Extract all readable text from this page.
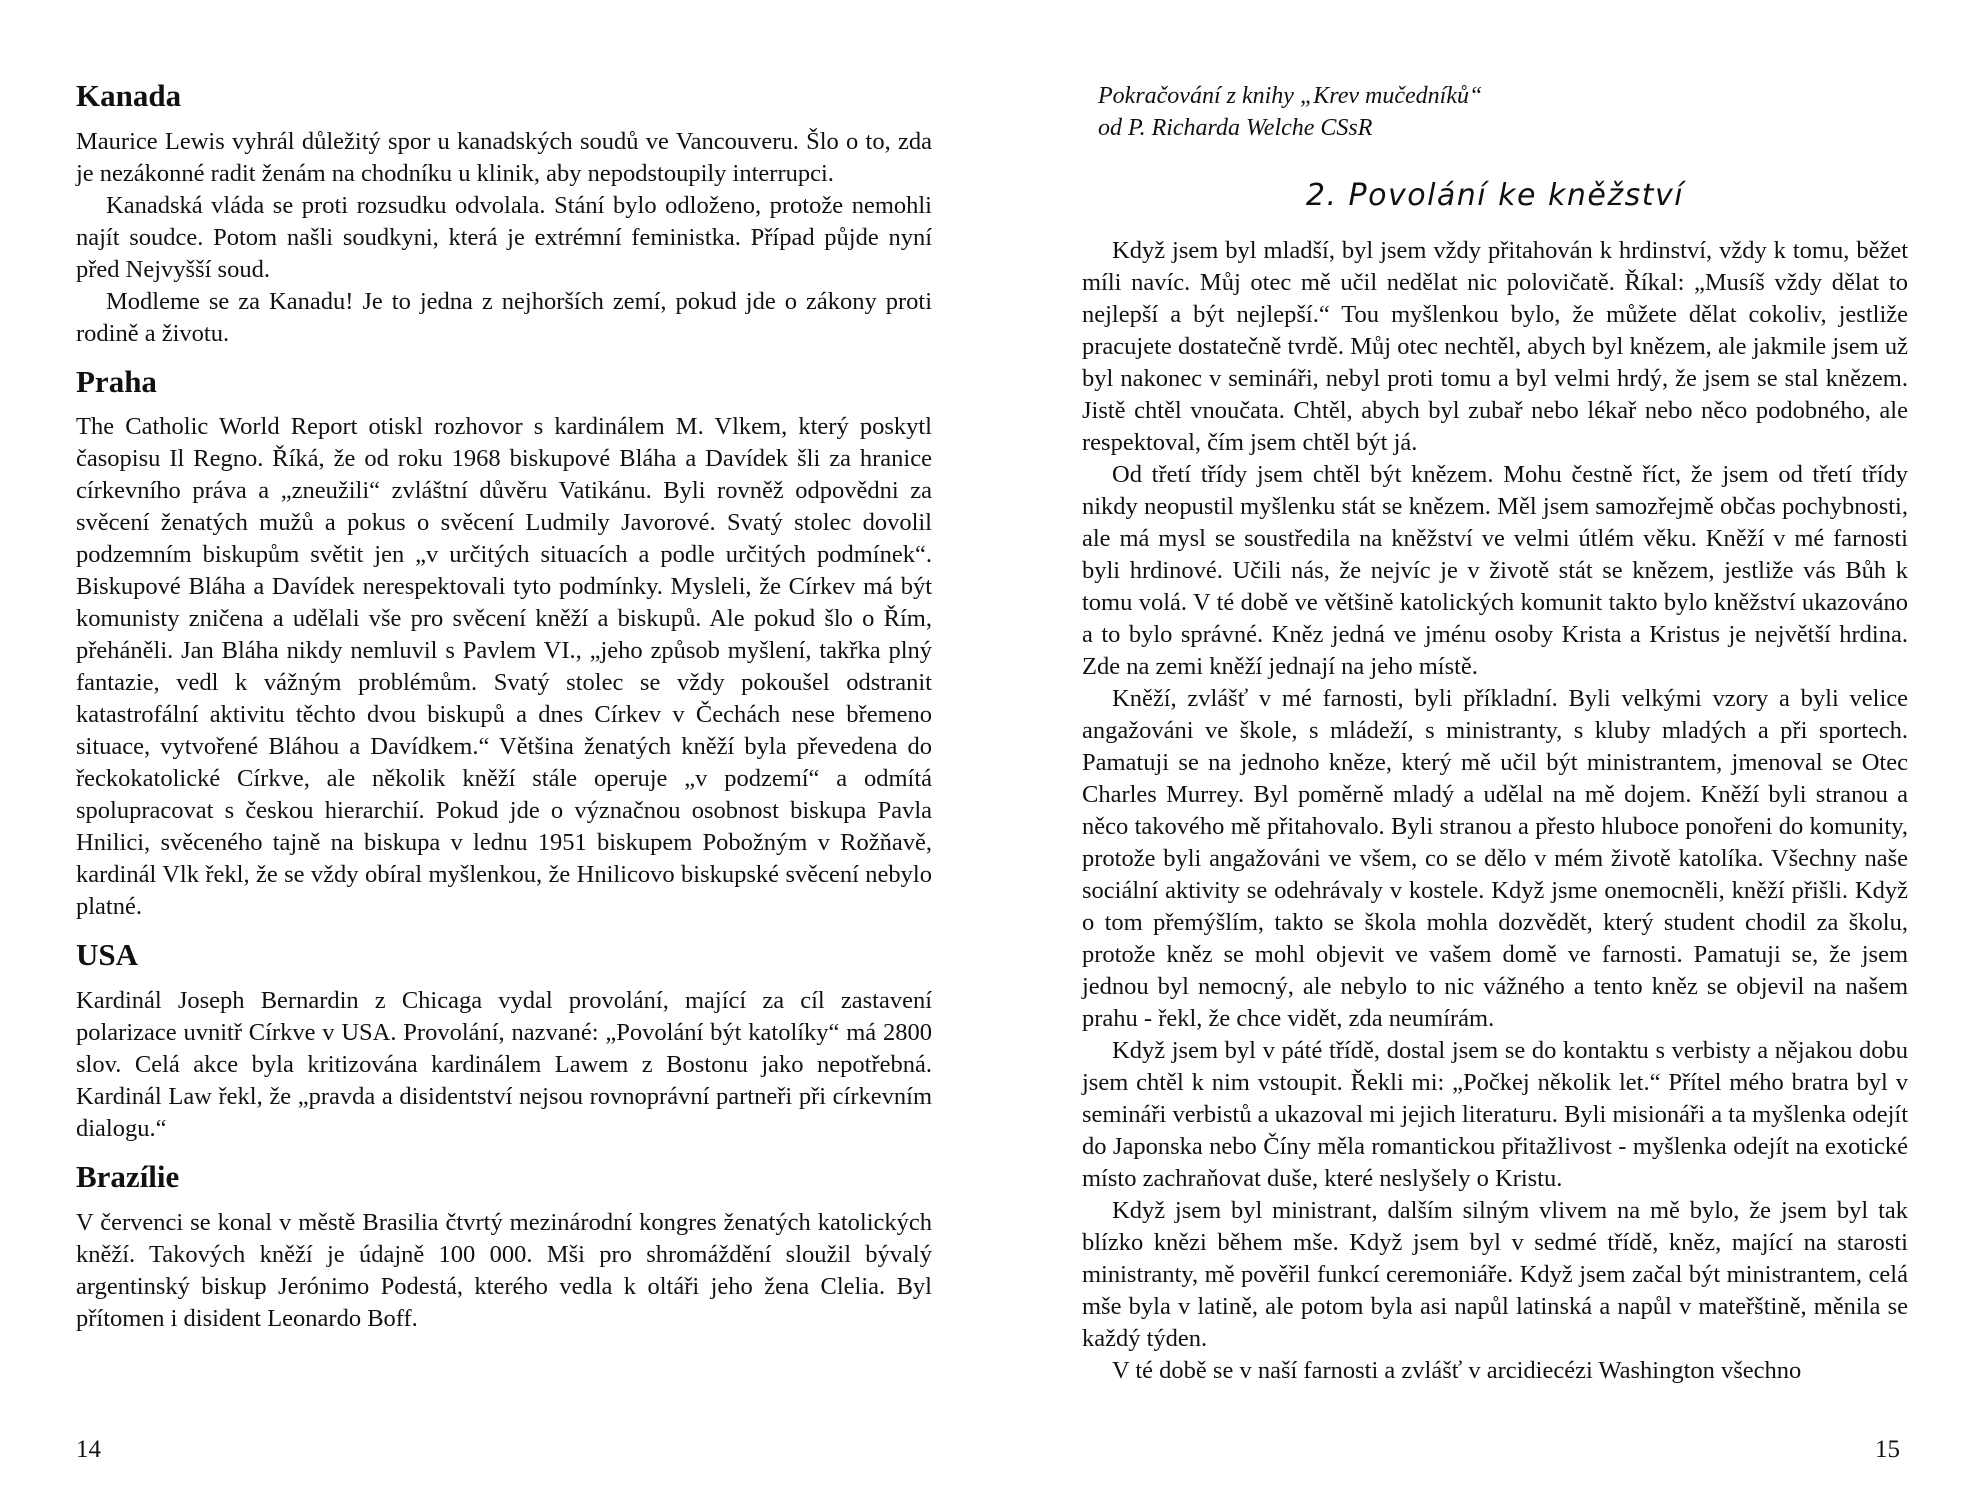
Kanada

Maurice Lewis vyhrál důležitý spor u kanadských soudů ve Vancouveru. Šlo o to, zda je nezákonné radit ženám na chodníku u klinik, aby nepodstoupily interrupci.

Kanadská vláda se proti rozsudku odvolala. Stání bylo odloženo, protože nemohli najít soudce. Potom našli soudkyni, která je extrémní feministka. Případ půjde nyní před Nejvyšší soud.

Modleme se za Kanadu! Je to jedna z nejhorších zemí, pokud jde o zákony proti rodině a životu.

Praha

The Catholic World Report otiskl rozhovor s kardinálem M. Vlkem, který poskytl časopisu Il Regno. Říká, že od roku 1968 biskupové Bláha a Davídek šli za hranice církevního práva a „zneužili“ zvláštní důvěru Vatikánu. Byli rovněž odpovědni za svěcení ženatých mužů a pokus o svěcení Ludmily Javorové. Svatý stolec dovolil podzemním biskupům světit jen „v určitých situacích a podle určitých podmínek“. Biskupové Bláha a Davídek nerespektovali tyto podmínky. Mysleli, že Církev má být komunisty zničena a udělali vše pro svěcení kněží a biskupů. Ale pokud šlo o Řím, přeháněli. Jan Bláha nikdy nemluvil s Pavlem VI., „jeho způsob myšlení, takřka plný fantazie, vedl k vážným problémům. Svatý stolec se vždy pokoušel odstranit katastrofální aktivitu těchto dvou biskupů a dnes Církev v Čechách nese břemeno situace, vytvořené Bláhou a Davídkem.“ Většina ženatých kněží byla převedena do řeckokatolické Církve, ale několik kněží stále operuje „v podzemí“ a odmítá spolupracovat s českou hierarchií. Pokud jde o význačnou osobnost biskupa Pavla Hnilici, svěceného tajně na biskupa v lednu 1951 biskupem Pobožným v Rožňavě, kardinál Vlk řekl, že se vždy obíral myšlenkou, že Hnilicovo biskupské svěcení nebylo platné.

USA

Kardinál Joseph Bernardin z Chicaga vydal provolání, mající za cíl zastavení polarizace uvnitř Církve v USA. Provolání, nazvané: „Povolání být katolíky“ má 2800 slov. Celá akce byla kritizována kardinálem Lawem z Bostonu jako nepotřebná. Kardinál Law řekl, že „pravda a disidentství nejsou rovnoprávní partneři při církevním dialogu.“

Brazílie

V červenci se konal v městě Brasilia čtvrtý mezinárodní kongres ženatých katolických kněží. Takových kněží je údajně 100 000. Mši pro shromáždění sloužil bývalý argentinský biskup Jerónimo Podestá, kterého vedla k oltáři jeho žena Clelia. Byl přítomen i disident Leonardo Boff.

Pokračování z knihy „Krev mučedníků“
od P. Richarda Welche CSsR
2. Povolání ke kněžství

Když jsem byl mladší, byl jsem vždy přitahován k hrdinství, vždy k tomu, běžet míli navíc. Můj otec mě učil nedělat nic polovičatě. Říkal: „Musíš vždy dělat to nejlepší a být nejlepší.“ Tou myšlenkou bylo, že můžete dělat cokoliv, jestliže pracujete dostatečně tvrdě. Můj otec nechtěl, abych byl knězem, ale jakmile jsem už byl nakonec v semináři, nebyl proti tomu a byl velmi hrdý, že jsem se stal knězem. Jistě chtěl vnoučata. Chtěl, abych byl zubař nebo lékař nebo něco podobného, ale respektoval, čím jsem chtěl být já.

Od třetí třídy jsem chtěl být knězem. Mohu čestně říct, že jsem od třetí třídy nikdy neopustil myšlenku stát se knězem. Měl jsem samozřejmě občas pochybnosti, ale má mysl se soustředila na kněžství ve velmi útlém věku. Kněží v mé farnosti byli hrdinové. Učili nás, že nejvíc je v životě stát se knězem, jestliže vás Bůh k tomu volá. V té době ve většině katolických komunit takto bylo kněžství ukazováno a to bylo správné. Kněz jedná ve jménu osoby Krista a Kristus je největší hrdina. Zde na zemi kněží jednají na jeho místě.

Kněží, zvlášť v mé farnosti, byli příkladní. Byli velkými vzory a byli velice angažováni ve škole, s mládeží, s ministranty, s kluby mladých a při sportech. Pamatuji se na jednoho kněze, který mě učil být ministrantem, jmenoval se Otec Charles Murrey. Byl poměrně mladý a udělal na mě dojem. Kněží byli stranou a něco takového mě přitahovalo. Byli stranou a přesto hluboce ponořeni do komunity, protože byli angažováni ve všem, co se dělo v mém životě katolíka. Všechny naše sociální aktivity se odehrávaly v kostele. Když jsme onemocněli, kněží přišli. Když o tom přemýšlím, takto se škola mohla dozvědět, který student chodil za školu, protože kněz se mohl objevit ve vašem domě ve farnosti. Pamatuji se, že jsem jednou byl nemocný, ale nebylo to nic vážného a tento kněz se objevil na našem prahu - řekl, že chce vidět, zda neumírám.

Když jsem byl v páté třídě, dostal jsem se do kontaktu s verbisty a nějakou dobu jsem chtěl k nim vstoupit. Řekli mi: „Počkej několik let.“ Přítel mého bratra byl v semináři verbistů a ukazoval mi jejich literaturu. Byli misionáři a ta myšlenka odejít do Japonska nebo Číny měla romantickou přitažlivost - myšlenka odejít na exotické místo zachraňovat duše, které neslyšely o Kristu.

Když jsem byl ministrant, dalším silným vlivem na mě bylo, že jsem byl tak blízko knězi během mše. Když jsem byl v sedmé třídě, kněz, mající na starosti ministranty, mě pověřil funkcí ceremoniáře. Když jsem začal být ministrantem, celá mše byla v latině, ale potom byla asi napůl latinská a napůl v mateřštině, měnila se každý týden.

V té době se v naší farnosti a zvlášť v arcidiecézi Washington všechno

14	15
